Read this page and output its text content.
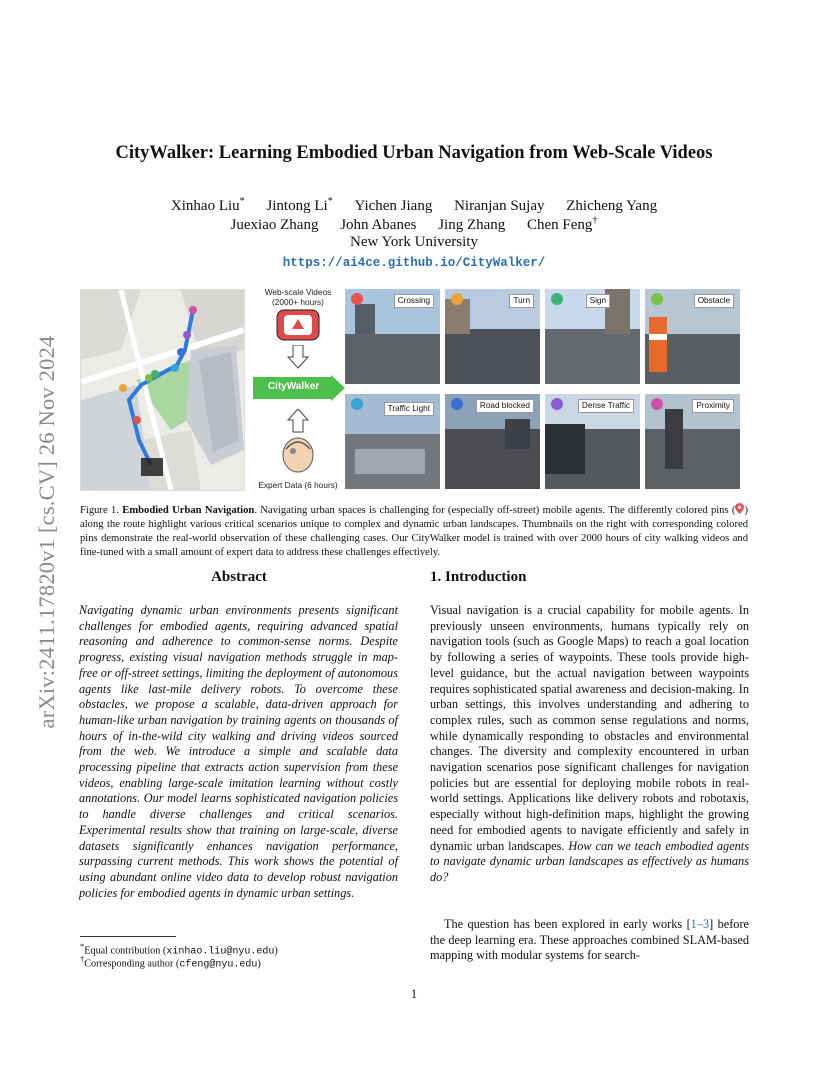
arXiv:2411.17820v1 [cs.CV] 26 Nov 2024
CityWalker: Learning Embodied Urban Navigation from Web-Scale Videos
Xinhao Liu* Jintong Li* Yichen Jiang Niranjan Sujay Zhicheng Yang
Juexiao Zhang John Abanes Jing Zhang Chen Feng†
New York University
https://ai4ce.github.io/CityWalker/
Web-scale Videos
(2000+ hours)
CityWalker
Expert Data (6 hours)
Crossing	Turn	Sign	Obstacle
Traffic Light	Road blocked	Dense Traffic	Proximity
Figure 1. Embodied Urban Navigation. Navigating urban spaces is challenging for (especially off-street) mobile agents. The differently colored pins ( ) along the route highlight various critical scenarios unique to complex and dynamic urban landscapes. Thumbnails on the right with corresponding colored pins demonstrate the real-world observation of these challenging cases. Our CityWalker model is trained with over 2000 hours of city walking videos and fine-tuned with a small amount of expert data to address these challenges effectively.
Abstract
Navigating dynamic urban environments presents significant challenges for embodied agents, requiring advanced spatial reasoning and adherence to common-sense norms. Despite progress, existing visual navigation methods struggle in map-free or off-street settings, limiting the deployment of autonomous agents like last-mile delivery robots. To overcome these obstacles, we propose a scalable, data-driven approach for human-like urban navigation by training agents on thousands of hours of in-the-wild city walking and driving videos sourced from the web. We introduce a simple and scalable data processing pipeline that extracts action supervision from these videos, enabling large-scale imitation learning without costly annotations. Our model learns sophisticated navigation policies to handle diverse challenges and critical scenarios. Experimental results show that training on large-scale, diverse datasets significantly enhances navigation performance, surpassing current methods. This work shows the potential of using abundant online video data to develop robust navigation policies for embodied agents in dynamic urban settings.
1. Introduction
Visual navigation is a crucial capability for mobile agents. In previously unseen environments, humans typically rely on navigation tools (such as Google Maps) to reach a goal location by following a series of waypoints. These tools provide high-level guidance, but the actual navigation between waypoints requires sophisticated spatial awareness and decision-making. In urban settings, this involves understanding and adhering to complex rules, such as common sense regulations and norms, while dynamically responding to obstacles and environmental changes. The diversity and complexity encountered in urban navigation scenarios pose significant challenges for navigation policies but are essential for deploying mobile robots in real-world settings. Applications like delivery robots and robotaxis, especially without high-definition maps, highlight the growing need for embodied agents to navigate efficiently and safely in dynamic urban landscapes. How can we teach embodied agents to navigate dynamic urban landscapes as effectively as humans do?
The question has been explored in early works [1–3] before the deep learning era. These approaches combined SLAM-based mapping with modular systems for search-
*Equal contribution (xinhao.liu@nyu.edu)
†Corresponding author (cfeng@nyu.edu)
1
